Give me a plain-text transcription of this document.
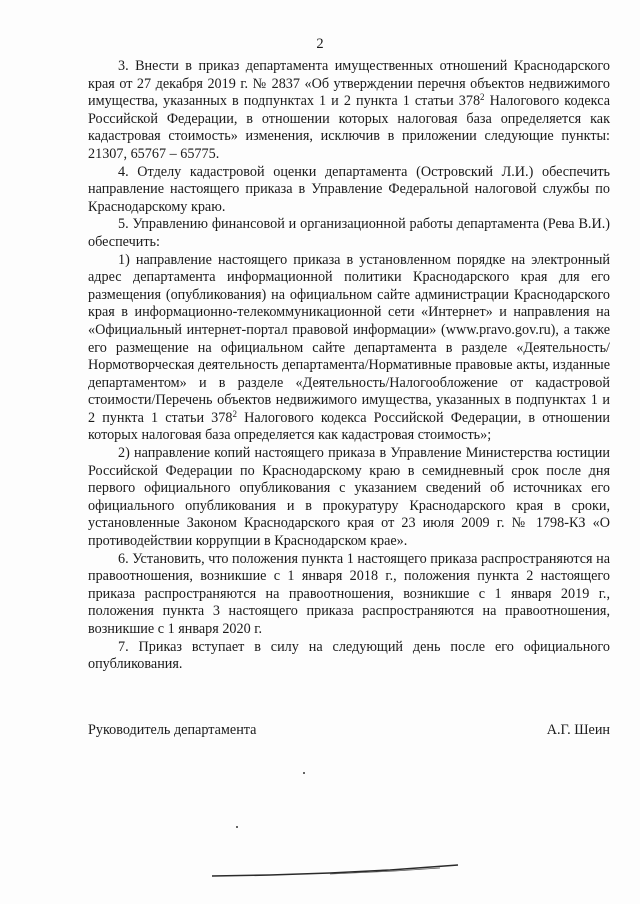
2

3. Внести в приказ департамента имущественных отношений Краснодарского края от 27 декабря 2019 г. № 2837 «Об утверждении перечня объектов недвижимого имущества, указанных в подпунктах 1 и 2 пункта 1 статьи $378^2$ Налогового кодекса Российской Федерации, в отношении которых налоговая база определяется как кадастровая стоимость» изменения, исключив в приложении следующие пункты: 21307, 65767 – 65775.

4. Отделу кадастровой оценки департамента (Островский Л.И.) обеспечить направление настоящего приказа в Управление Федеральной налоговой службы по Краснодарскому краю.

5. Управлению финансовой и организационной работы департамента (Рева В.И.) обеспечить:

1) направление настоящего приказа в установленном порядке на электронный адрес департамента информационной политики Краснодарского края для его размещения (опубликования) на официальном сайте администрации Краснодарского края в информационно-телекоммуникационной сети «Интернет» и направления на «Официальный интернет-портал правовой информации» (www.pravo.gov.ru), а также его размещение на официальном сайте департамента в разделе «Деятельность/Нормотворческая деятельность департамента/Нормативные правовые акты, изданные департаментом» и в разделе «Деятельность/Налогообложение от кадастровой стоимости/Перечень объектов недвижимого имущества, указанных в подпунктах 1 и 2 пункта 1 статьи $378^2$ Налогового кодекса Российской Федерации, в отношении которых налоговая база определяется как кадастровая стоимость»;

2) направление копий настоящего приказа в Управление Министерства юстиции Российской Федерации по Краснодарскому краю в семидневный срок после дня первого официального опубликования с указанием сведений об источниках его официального опубликования и в прокуратуру Краснодарского края в сроки, установленные Законом Краснодарского края от 23 июля 2009 г. № 1798-КЗ «О противодействии коррупции в Краснодарском крае».

6. Установить, что положения пункта 1 настоящего приказа распространяются на правоотношения, возникшие с 1 января 2018 г., положения пункта 2 настоящего приказа распространяются на правоотношения, возникшие с 1 января 2019 г., положения пункта 3 настоящего приказа распространяются на правоотношения, возникшие с 1 января 2020 г.

7. Приказ вступает в силу на следующий день после его официального опубликования.

Руководитель департамента	А.Г. Шеин
